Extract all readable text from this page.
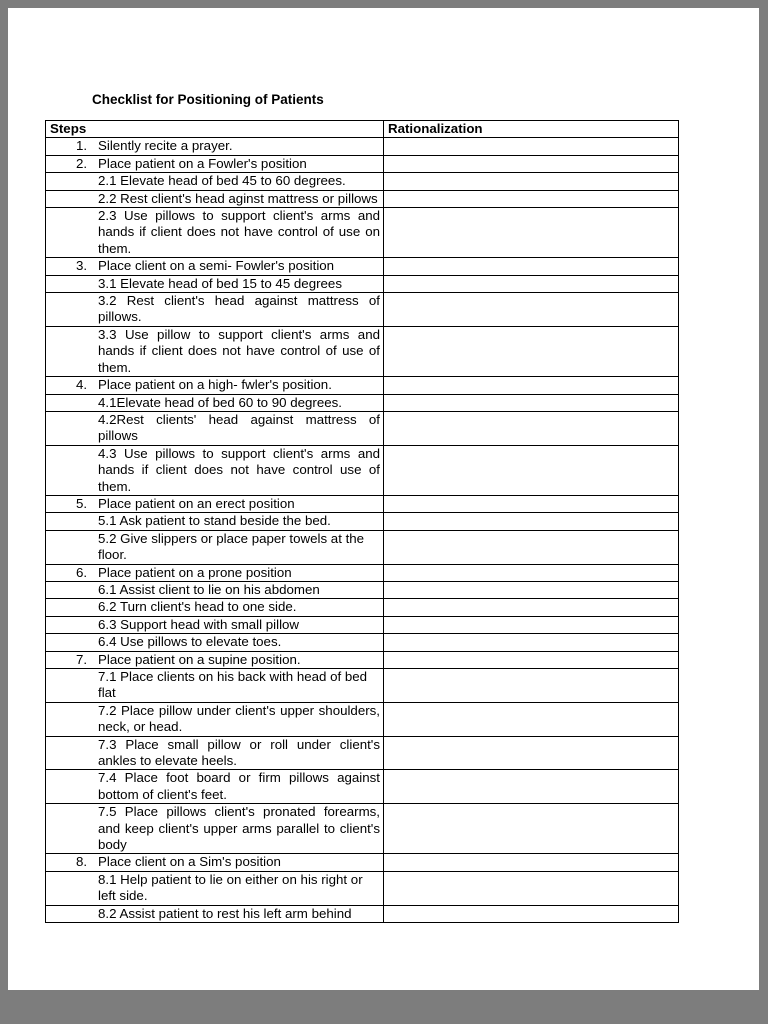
Checklist for Positioning of Patients
Steps	Rationalization
1. Silently recite a prayer.	
2. Place patient on a Fowler's position	
2.1 Elevate head of bed 45 to 60 degrees.	
2.2 Rest client's head aginst mattress or pillows	
2.3 Use pillows to support client's arms and hands if client does not have control of use on them.	
3. Place client on a semi- Fowler's position	
3.1 Elevate head of bed 15 to 45 degrees	
3.2 Rest client's head against mattress of pillows.	
3.3 Use pillow to support client's arms and hands if client does not have control of use of them.	
4. Place patient on a high- fwler's position.	
4.1Elevate head of bed 60 to 90 degrees.	
4.2Rest clients' head against mattress of pillows	
4.3 Use pillows to support client's arms and hands if client does not have control use of them.	
5. Place patient on an erect position	
5.1 Ask patient to stand beside the bed.	
5.2 Give slippers or place paper towels at the floor.	
6. Place patient on a prone position	
6.1 Assist client to lie on his abdomen	
6.2 Turn client's head to one side.	
6.3 Support head with small pillow	
6.4 Use pillows to elevate toes.	
7. Place patient on a supine position.	
7.1 Place clients on his back with head of bed flat	
7.2 Place pillow under client's upper shoulders, neck, or head.	
7.3 Place small pillow or roll under client's ankles to elevate heels.	
7.4 Place foot board or firm pillows against bottom of client's feet.	
7.5 Place pillows client's pronated forearms, and keep client's upper arms parallel to client's body	
8. Place client on a Sim's position	
8.1 Help patient to lie on either on his right or left side.	
8.2 Assist patient to rest his left arm behind	
